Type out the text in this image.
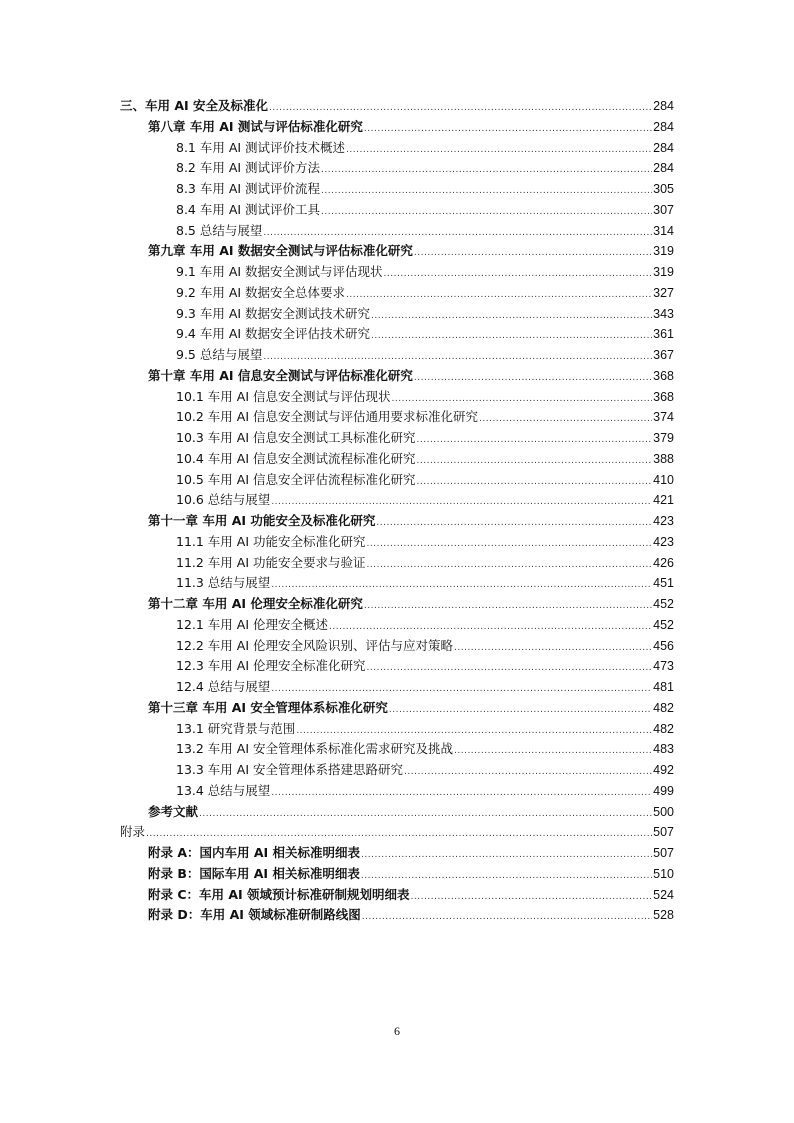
三、车用 AI 安全及标准化 .....	284
第八章 车用 AI 测试与评估标准化研究 .....	284
8.1 车用 AI 测试评价技术概述 .....	284
8.2 车用 AI 测试评价方法 .....	284
8.3 车用 AI 测试评价流程 .....	305
8.4 车用 AI 测试评价工具 .....	307
8.5 总结与展望 .....	314
第九章 车用 AI 数据安全测试与评估标准化研究 .....	319
9.1 车用 AI 数据安全测试与评估现状 .....	319
9.2 车用 AI 数据安全总体要求 .....	327
9.3 车用 AI 数据安全测试技术研究 .....	343
9.4 车用 AI 数据安全评估技术研究 .....	361
9.5 总结与展望 .....	367
第十章 车用 AI 信息安全测试与评估标准化研究 .....	368
10.1 车用 AI 信息安全测试与评估现状 .....	368
10.2 车用 AI 信息安全测试与评估通用要求标准化研究 .....	374
10.3 车用 AI 信息安全测试工具标准化研究 .....	379
10.4 车用 AI 信息安全测试流程标准化研究 .....	388
10.5 车用 AI 信息安全评估流程标准化研究 .....	410
10.6 总结与展望 .....	421
第十一章 车用 AI 功能安全及标准化研究 .....	423
11.1 车用 AI 功能安全标准化研究 .....	423
11.2 车用 AI 功能安全要求与验证 .....	426
11.3 总结与展望 .....	451
第十二章 车用 AI 伦理安全标准化研究 .....	452
12.1 车用 AI 伦理安全概述 .....	452
12.2 车用 AI 伦理安全风险识别、评估与应对策略 .....	456
12.3 车用 AI 伦理安全标准化研究 .....	473
12.4 总结与展望 .....	481
第十三章 车用 AI 安全管理体系标准化研究 .....	482
13.1 研究背景与范围 .....	482
13.2 车用 AI 安全管理体系标准化需求研究及挑战 .....	483
13.3 车用 AI 安全管理体系搭建思路研究 .....	492
13.4 总结与展望 .....	499
参考文献 .....	500
附录 .....	507
附录 A：国内车用 AI 相关标准明细表 .....	507
附录 B：国际车用 AI 相关标准明细表 .....	510
附录 C：车用 AI 领域预计标准研制规划明细表 .....	524
附录 D：车用 AI 领域标准研制路线图 .....	528
6
